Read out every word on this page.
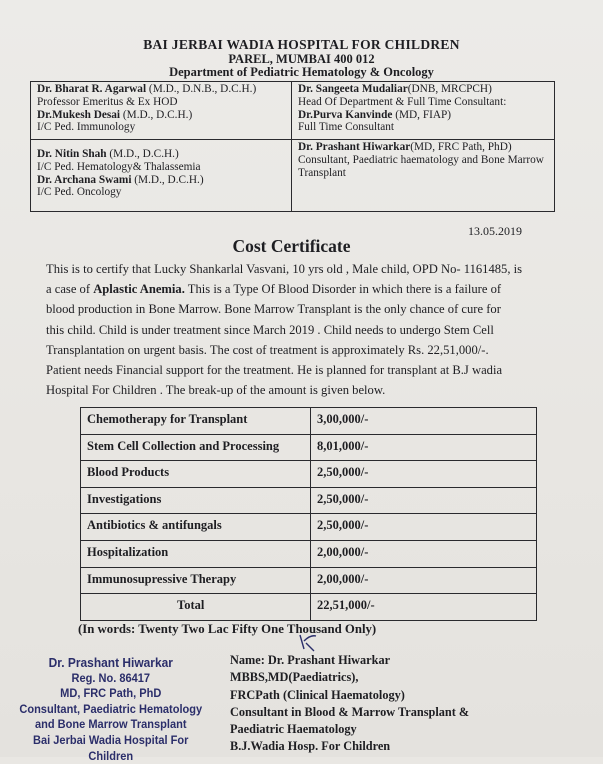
BAI JERBAI WADIA HOSPITAL FOR CHILDREN
PAREL, MUMBAI 400 012
Department of Pediatric Hematology & Oncology
Dr. Bharat R. Agarwal (M.D., D.N.B., D.C.H.)
Professor Emeritus & Ex HOD
Dr.Mukesh Desai (M.D., D.C.H.)
I/C Ped. Immunology
Dr. Sangeeta Mudaliar(DNB, MRCPCH)
Head Of Department & Full Time Consultant:
Dr.Purva Kanvinde (MD, FIAP)
Full Time Consultant
Dr. Nitin Shah (M.D., D.C.H.)
I/C Ped. Hematology& Thalassemia
Dr. Archana Swami (M.D., D.C.H.)
I/C Ped. Oncology
Dr. Prashant Hiwarkar(MD, FRC Path, PhD)
Consultant, Paediatric haematology and Bone Marrow Transplant
13.05.2019
Cost Certificate
This is to certify that Lucky Shankarlal Vasvani, 10 yrs old , Male child, OPD No- 1161485, is
a case of Aplastic Anemia. This is a Type Of Blood Disorder in which there is a failure of
blood production in Bone Marrow. Bone Marrow Transplant is the only chance of cure for
this child. Child is under treatment since March 2019 . Child needs to undergo Stem Cell
Transplantation on urgent basis. The cost of treatment is approximately Rs. 22,51,000/-.
Patient needs Financial support for the treatment. He is planned for transplant at B.J wadia
Hospital For Children . The break-up of the amount is given below.
Chemotherapy for Transplant	3,00,000/-
Stem Cell Collection and Processing	8,01,000/-
Blood Products	2,50,000/-
Investigations	2,50,000/-
Antibiotics & antifungals	2,50,000/-
Hospitalization	2,00,000/-
Immunosupressive Therapy	2,00,000/-
Total	22,51,000/-
(In words: Twenty Two Lac Fifty One Thousand Only)
Dr. Prashant Hiwarkar
Reg. No. 86417
MD, FRC Path, PhD
Consultant, Paediatric Hematology
and Bone Marrow Transplant
Bai Jerbai Wadia Hospital For Children
Name: Dr. Prashant Hiwarkar
MBBS,MD(Paediatrics),
FRCPath (Clinical Haematology)
Consultant in Blood & Marrow Transplant &
Paediatric Haematology
B.J.Wadia Hosp. For Children
